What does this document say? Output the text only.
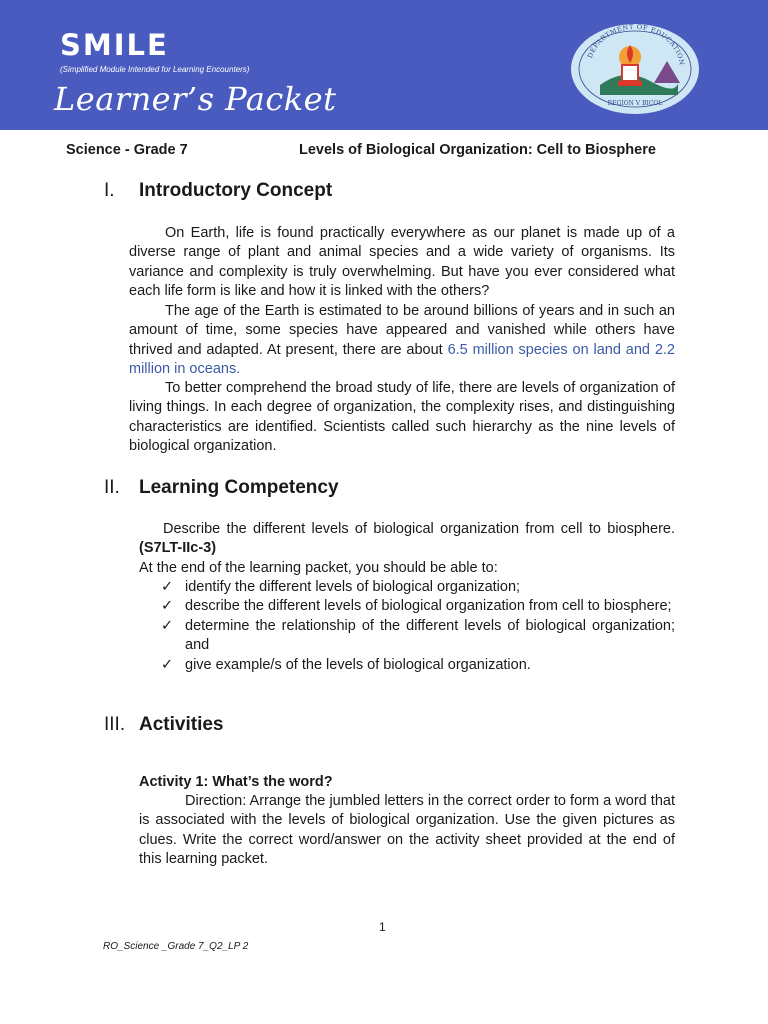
SMILE
(Simplified Module Intended for Learning Encounters)
Learner’s Packet
DEPARTMENT OF EDUCATION
REGION V BICOL
Science - Grade 7	Levels of Biological Organization: Cell to Biosphere
I. Introductory Concept

On Earth, life is found practically everywhere as our planet is made up of a diverse range of plant and animal species and a wide variety of organisms. Its variance and complexity is truly overwhelming. But have you ever considered what each life form is like and how it is linked with the others?

The age of the Earth is estimated to be around billions of years and in such an amount of time, some species have appeared and vanished while others have thrived and adapted. At present, there are about 6.5 million species on land and 2.2 million in oceans.

To better comprehend the broad study of life, there are levels of organization of living things. In each degree of organization, the complexity rises, and distinguishing characteristics are identified. Scientists called such hierarchy as the nine levels of biological organization.

II. Learning Competency

Describe the different levels of biological organization from cell to biosphere. (S7LT-IIc-3)

At the end of the learning packet, you should be able to:

✓ identify the different levels of biological organization;
✓ describe the different levels of biological organization from cell to biosphere;
✓ determine the relationship of the different levels of biological organization; and
✓ give example/s of the levels of biological organization.
III. Activities
Activity 1: What’s the word?

Direction: Arrange the jumbled letters in the correct order to form a word that is associated with the levels of biological organization. Use the given pictures as clues. Write the correct word/answer on the activity sheet provided at the end of this learning packet.

1
RO_Science _Grade 7_Q2_LP 2
